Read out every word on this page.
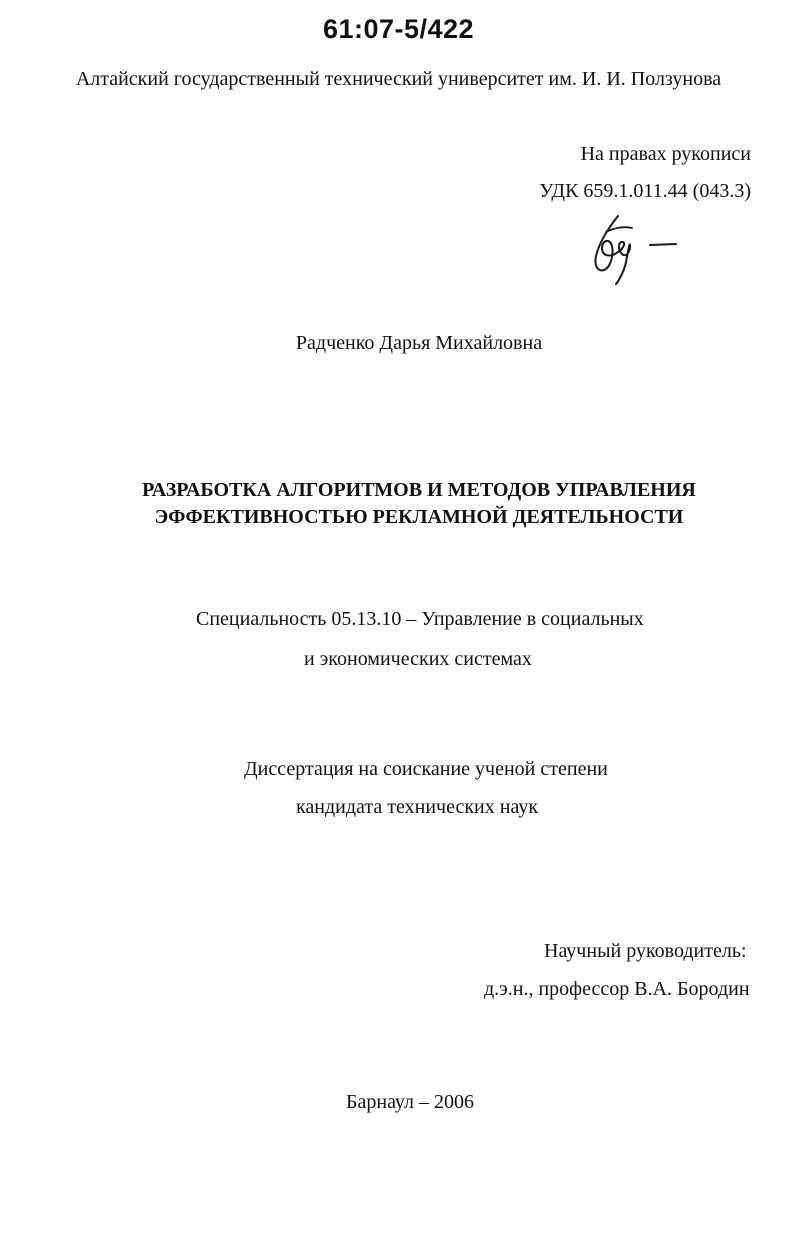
61:07-5/422
Алтайский государственный технический университет им. И. И. Ползунова
На правах рукописи
УДК 659.1.011.44 (043.3)
Радченко Дарья Михайловна
РАЗРАБОТКА АЛГОРИТМОВ И МЕТОДОВ УПРАВЛЕНИЯ
ЭФФЕКТИВНОСТЬЮ РЕКЛАМНОЙ ДЕЯТЕЛЬНОСТИ
Специальность 05.13.10 – Управление в социальных
и экономических системах
Диссертация на соискание ученой степени
кандидата технических наук
Научный руководитель:
д.э.н., профессор В.А. Бородин
Барнаул – 2006
